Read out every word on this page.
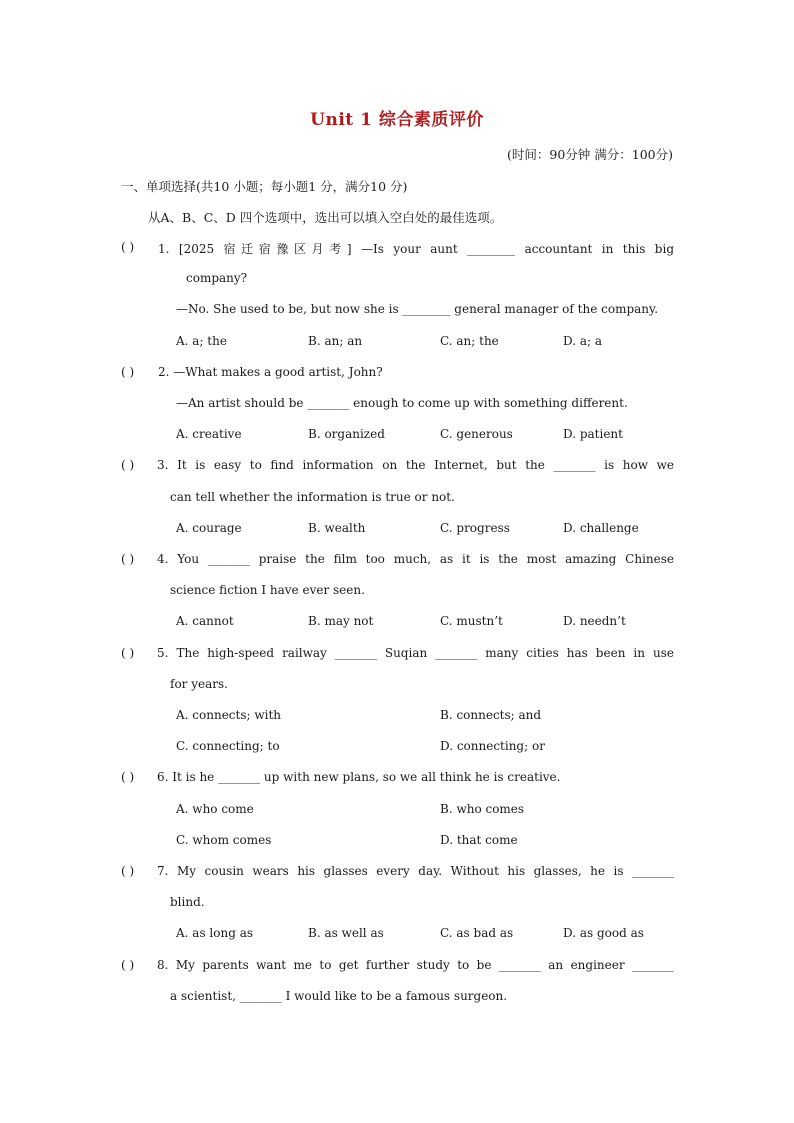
Unit 1 综合素质评价
(时间：90分钟 满分：100分)
一、单项选择(共10 小题；每小题1 分，满分10 分)
从A、B、C、D 四个选项中，选出可以填入空白处的最佳选项。
( ) 1. [2025 宿迁宿豫区月考] —Is your aunt ________ accountant in this big
company?
—No. She used to be, but now she is ________ general manager of the company.
A. a; the	B. an; an	C. an; the	D. a; a
( ) 2. —What makes a good artist, John?
—An artist should be _______ enough to come up with something different.
A. creative	B. organized	C. generous	D. patient
( ) 3. It is easy to find information on the Internet, but the _______ is how we
can tell whether the information is true or not.
A. courage	B. wealth	C. progress	D. challenge
( ) 4. You _______ praise the film too much, as it is the most amazing Chinese
science fiction I have ever seen.
A. cannot	B. may not	C. mustn’t	D. needn’t
( ) 5. The high-speed railway _______ Suqian _______ many cities has been in use
for years.
A. connects; with	B. connects; and
C. connecting; to	D. connecting; or
( ) 6. It is he _______ up with new plans, so we all think he is creative.
A. who come	B. who comes
C. whom comes	D. that come
( ) 7. My cousin wears his glasses every day. Without his glasses, he is _______
blind.
A. as long as	B. as well as	C. as bad as	D. as good as
( ) 8. My parents want me to get further study to be _______ an engineer _______
a scientist, _______ I would like to be a famous surgeon.
